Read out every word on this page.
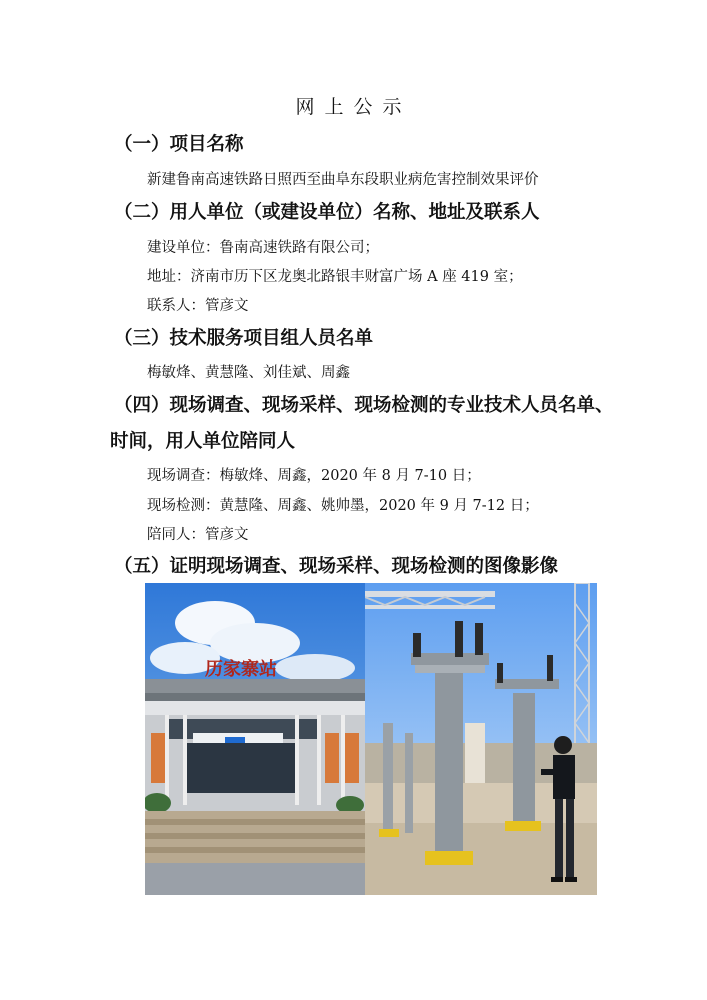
网上公示
（一）项目名称
新建鲁南高速铁路日照西至曲阜东段职业病危害控制效果评价
（二）用人单位（或建设单位）名称、地址及联系人
建设单位：鲁南高速铁路有限公司；
地址：济南市历下区龙奥北路银丰财富广场 A 座 419 室；
联系人：管彦文
（三）技术服务项目组人员名单
梅敏烽、黄慧隆、刘佳斌、周鑫
（四）现场调查、现场采样、现场检测的专业技术人员名单、
时间，用人单位陪同人
现场调查：梅敏烽、周鑫，2020 年 8 月 7-10 日；
现场检测：黄慧隆、周鑫、姚帅墨，2020 年 9 月 7-12 日；
陪同人：管彦文
（五）证明现场调查、现场采样、现场检测的图像影像
历家寨站
